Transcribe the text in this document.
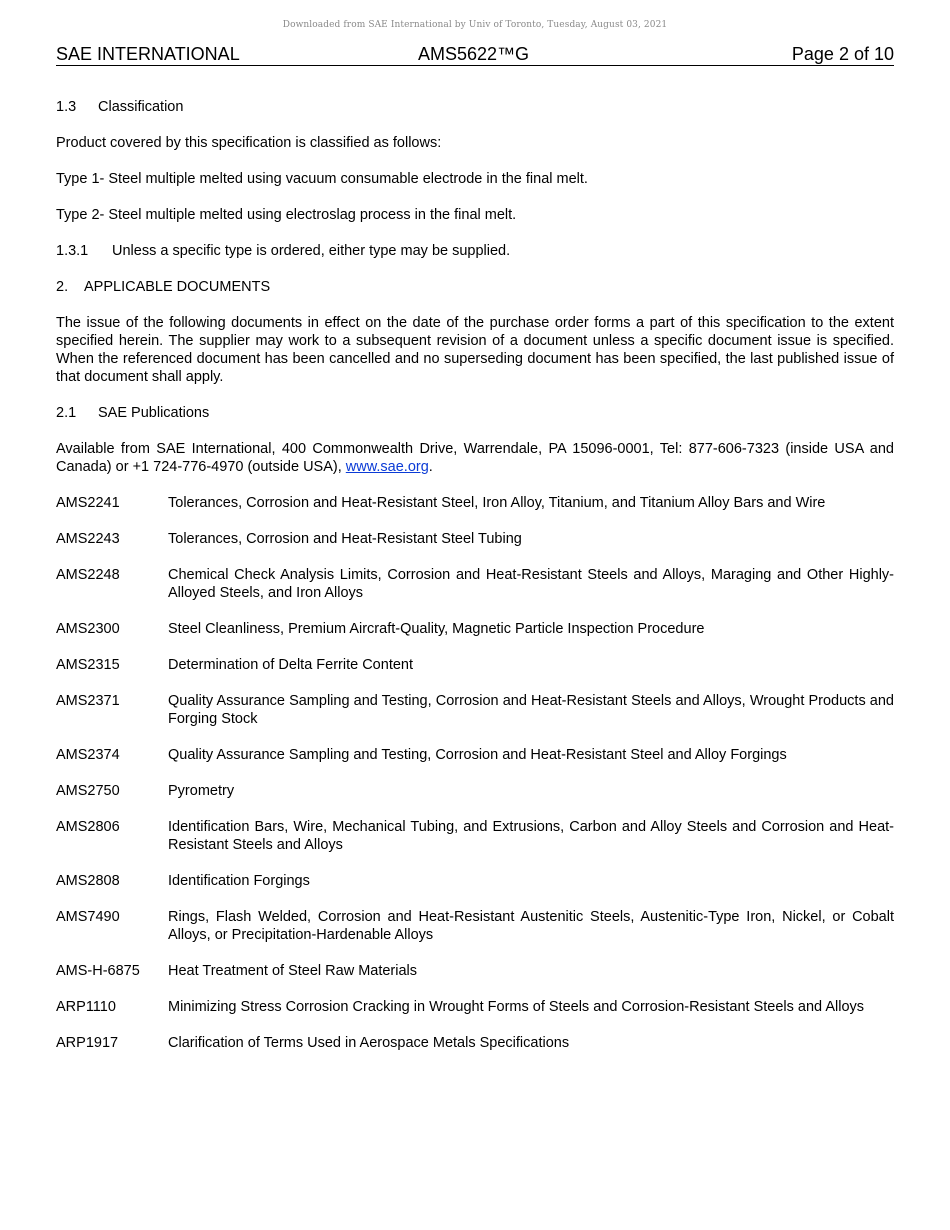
Downloaded from SAE International by Univ of Toronto, Tuesday, August 03, 2021
SAE INTERNATIONAL	AMS5622™G	Page 2 of 10
1.3 Classification

Product covered by this specification is classified as follows:

Type 1- Steel multiple melted using vacuum consumable electrode in the final melt.

Type 2- Steel multiple melted using electroslag process in the final melt.

1.3.1 Unless a specific type is ordered, either type may be supplied.
2. APPLICABLE DOCUMENTS

The issue of the following documents in effect on the date of the purchase order forms a part of this specification to the extent specified herein. The supplier may work to a subsequent revision of a document unless a specific document issue is specified. When the referenced document has been cancelled and no superseding document has been specified, the last published issue of that document shall apply.

2.1 SAE Publications

Available from SAE International, 400 Commonwealth Drive, Warrendale, PA 15096-0001, Tel: 877-606-7323 (inside USA and Canada) or +1 724-776-4970 (outside USA), www.sae.org.

AMS2241	Tolerances, Corrosion and Heat-Resistant Steel, Iron Alloy, Titanium, and Titanium Alloy Bars and Wire
AMS2243	Tolerances, Corrosion and Heat-Resistant Steel Tubing
AMS2248	Chemical Check Analysis Limits, Corrosion and Heat-Resistant Steels and Alloys, Maraging and Other Highly-Alloyed Steels, and Iron Alloys
AMS2300	Steel Cleanliness, Premium Aircraft-Quality, Magnetic Particle Inspection Procedure
AMS2315	Determination of Delta Ferrite Content
AMS2371	Quality Assurance Sampling and Testing, Corrosion and Heat-Resistant Steels and Alloys, Wrought Products and Forging Stock
AMS2374	Quality Assurance Sampling and Testing, Corrosion and Heat-Resistant Steel and Alloy Forgings
AMS2750	Pyrometry
AMS2806	Identification Bars, Wire, Mechanical Tubing, and Extrusions, Carbon and Alloy Steels and Corrosion and Heat-Resistant Steels and Alloys
AMS2808	Identification Forgings
AMS7490	Rings, Flash Welded, Corrosion and Heat-Resistant Austenitic Steels, Austenitic-Type Iron, Nickel, or Cobalt Alloys, or Precipitation-Hardenable Alloys
AMS-H-6875	Heat Treatment of Steel Raw Materials
ARP1110	Minimizing Stress Corrosion Cracking in Wrought Forms of Steels and Corrosion-Resistant Steels and Alloys
ARP1917	Clarification of Terms Used in Aerospace Metals Specifications
